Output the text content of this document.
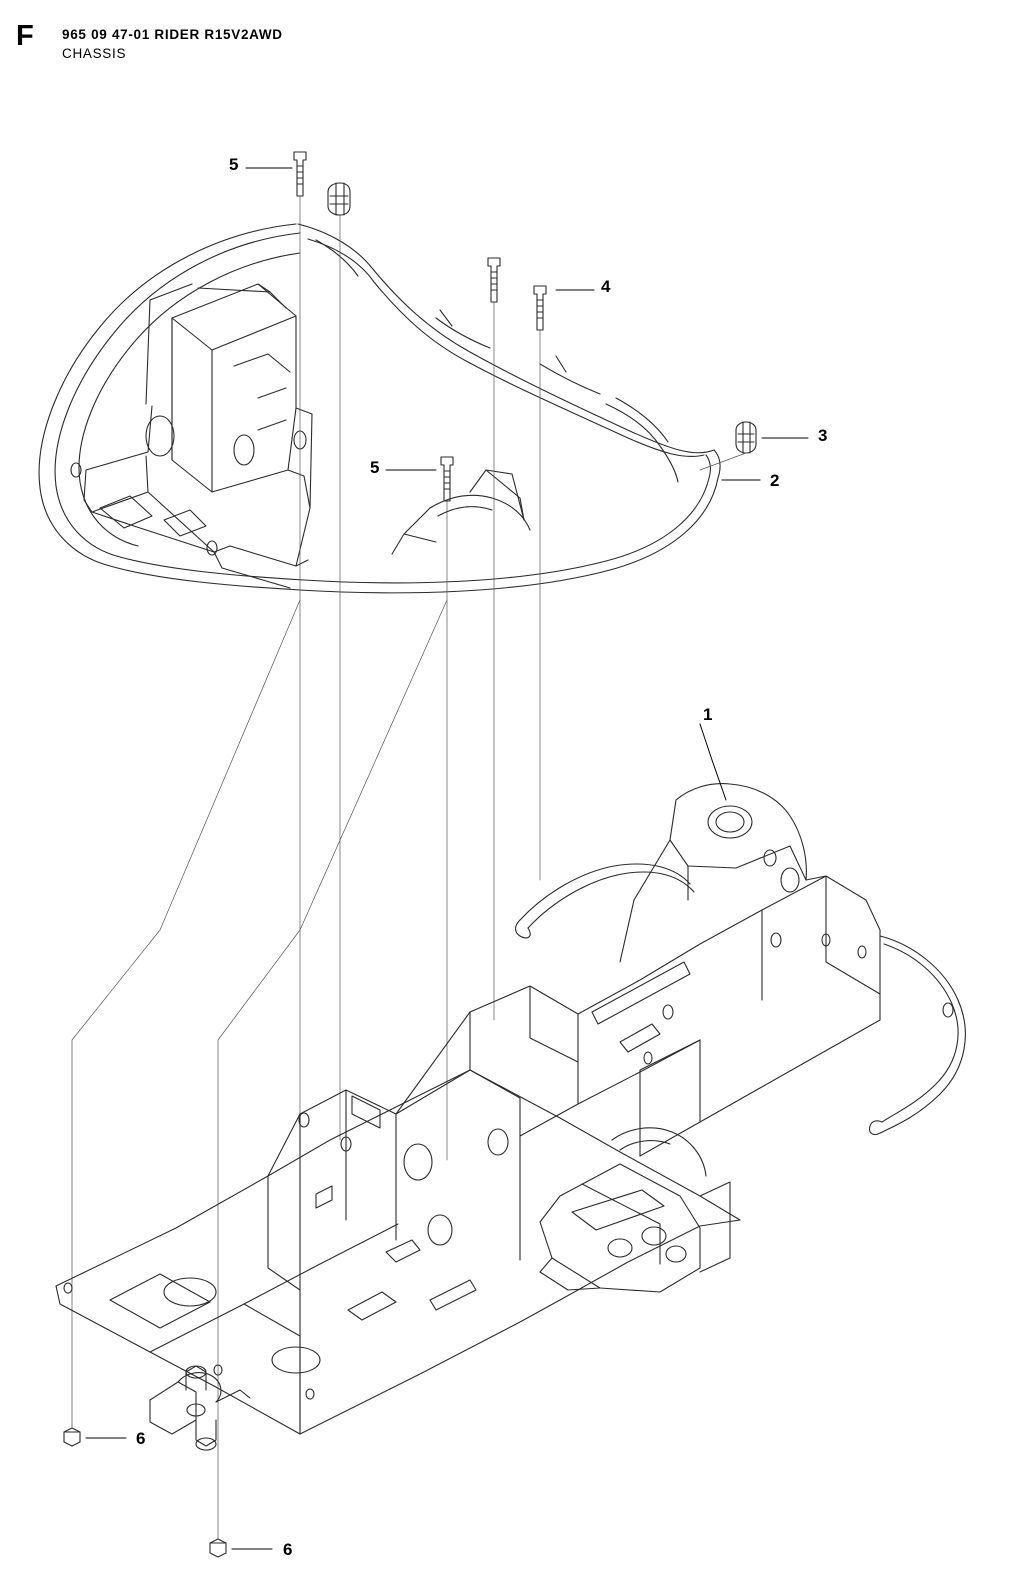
F 965 09 47-01 RIDER R15V2AWD
CHASSIS
5
4
3
2
5
1
6
6
